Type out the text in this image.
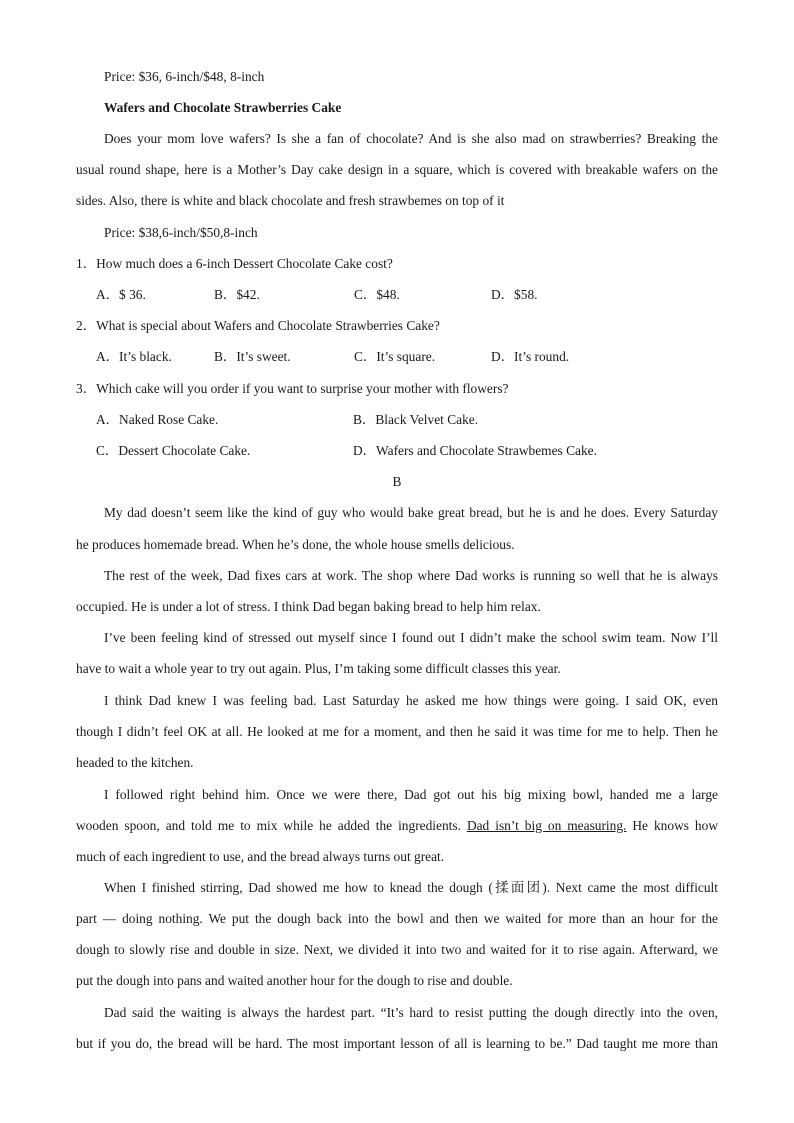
Price: $36, 6-inch/$48, 8-inch
Wafers and Chocolate Strawberries Cake
Does your mom love wafers? Is she a fan of chocolate? And is she also mad on strawberries? Breaking the
usual round shape, here is a Mother’s Day cake design in a square, which is covered with breakable wafers on the
sides. Also, there is white and black chocolate and fresh strawbemes on top of it
Price: $38,6-inch/$50,8-inch
1．How much does a 6-inch Dessert Chocolate Cake cost?
A．$ 36.	B．$42.	C．$48.	D．$58.
2．What is special about Wafers and Chocolate Strawberries Cake?
A．It’s black.	B．It’s sweet.	C．It’s square.	D．It’s round.
3．Which cake will you order if you want to surprise your mother with flowers?
A．Naked Rose Cake.	B．Black Velvet Cake.
C．Dessert Chocolate Cake.	D．Wafers and Chocolate Strawbemes Cake.
B
My dad doesn’t seem like the kind of guy who would bake great bread, but he is and he does. Every Saturday
he produces homemade bread. When he’s done, the whole house smells delicious.
The rest of the week, Dad fixes cars at work. The shop where Dad works is running so well that he is always
occupied. He is under a lot of stress. I think Dad began baking bread to help him relax.
I’ve been feeling kind of stressed out myself since I found out I didn’t make the school swim team. Now I’ll
have to wait a whole year to try out again. Plus, I’m taking some difficult classes this year.
I think Dad knew I was feeling bad. Last Saturday he asked me how things were going. I said OK, even
though I didn’t feel OK at all. He looked at me for a moment, and then he said it was time for me to help. Then he
headed to the kitchen.
I followed right behind him. Once we were there, Dad got out his big mixing bowl, handed me a large
wooden spoon, and told me to mix while he added the ingredients. Dad isn’t big on measuring. He knows how
much of each ingredient to use, and the bread always turns out great.
When I finished stirring, Dad showed me how to knead the dough (揉面团). Next came the most difficult
part — doing nothing. We put the dough back into the bowl and then we waited for more than an hour for the
dough to slowly rise and double in size. Next, we divided it into two and waited for it to rise again. Afterward, we
put the dough into pans and waited another hour for the dough to rise and double.
Dad said the waiting is always the hardest part. “It’s hard to resist putting the dough directly into the oven,
but if you do, the bread will be hard. The most important lesson of all is learning to be.” Dad taught me more than
